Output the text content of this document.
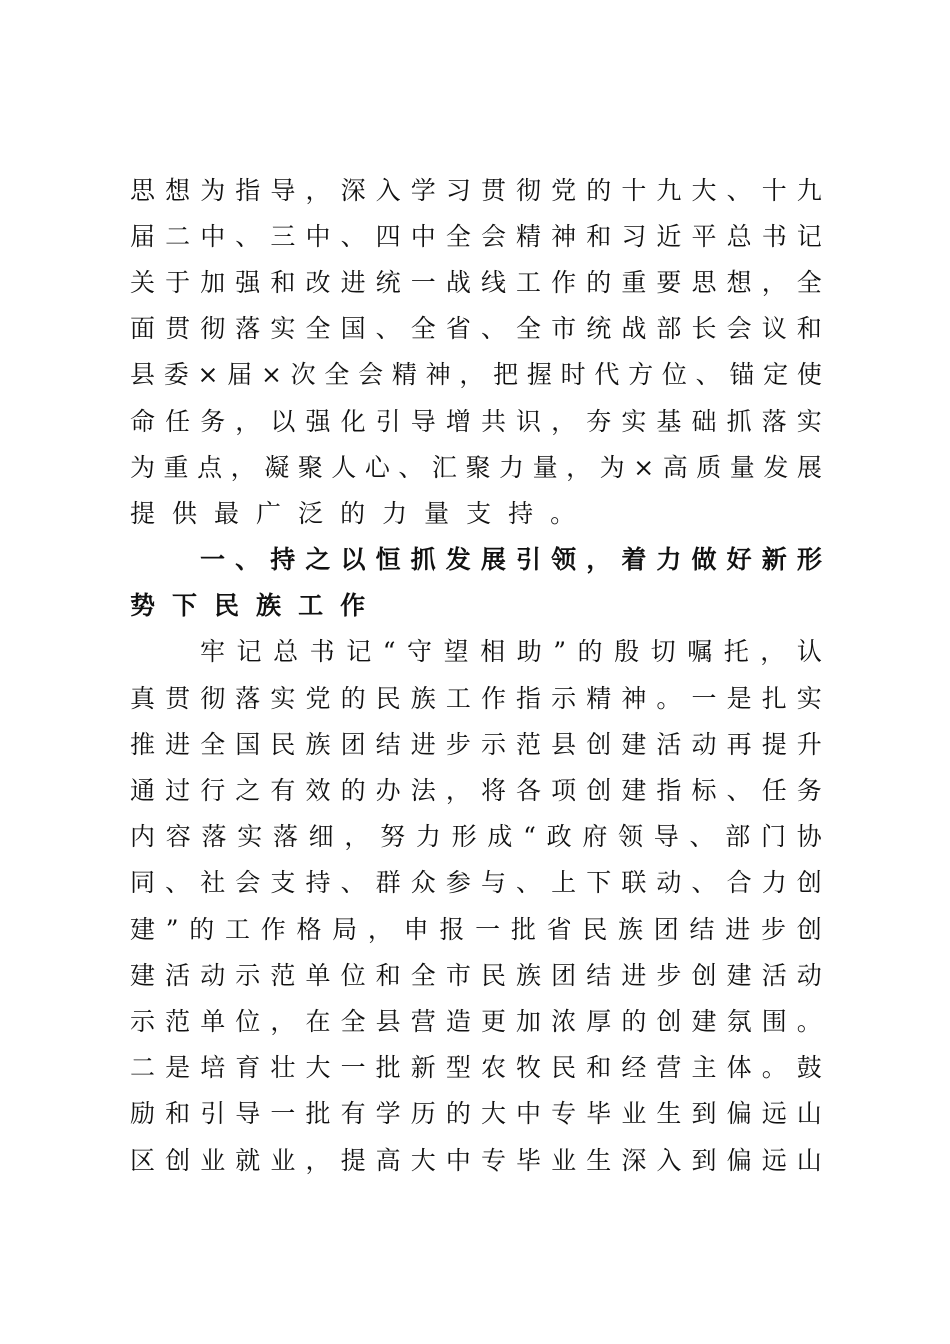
思 想 为 指 导 ， 深 入 学 习 贯 彻 党 的 十 九 大 、 十 九
届 二 中 、 三 中 、 四 中 全 会 精 神 和 习 近 平 总 书 记
关 于 加 强 和 改 进 统 一 战 线 工 作 的 重 要 思 想 ， 全
面 贯 彻 落 实 全 国 、 全 省 、 全 市 统 战 部 长 会 议 和
县 委 × 届 × 次 全 会 精 神 ， 把 握 时 代 方 位 、 锚 定 使
命 任 务 ， 以 强 化 引 导 增 共 识 ， 夯 实 基 础 抓 落 实
为 重 点 ， 凝 聚 人 心 、 汇 聚 力 量 ， 为 × 高 质 量 发 展
提 供 最 广 泛 的 力 量 支 持 。
一 、 持 之 以 恒 抓 发 展 引 领 ， 着 力 做 好 新 形
势 下 民 族 工 作
牢 记 总 书 记 “ 守 望 相 助 ” 的 殷 切 嘱 托 ， 认
真 贯 彻 落 实 党 的 民 族 工 作 指 示 精 神 。 一 是 扎 实
推 进 全 国 民 族 团 结 进 步 示 范 县 创 建 活 动 再 提 升
通 过 行 之 有 效 的 办 法 ， 将 各 项 创 建 指 标 、 任 务
内 容 落 实 落 细 ， 努 力 形 成 “ 政 府 领 导 、 部 门 协
同 、 社 会 支 持 、 群 众 参 与 、 上 下 联 动 、 合 力 创
建 ” 的 工 作 格 局 ， 申 报 一 批 省 民 族 团 结 进 步 创
建 活 动 示 范 单 位 和 全 市 民 族 团 结 进 步 创 建 活 动
示 范 单 位 ， 在 全 县 营 造 更 加 浓 厚 的 创 建 氛 围 。
二 是 培 育 壮 大 一 批 新 型 农 牧 民 和 经 营 主 体 。 鼓
励 和 引 导 一 批 有 学 历 的 大 中 专 毕 业 生 到 偏 远 山
区 创 业 就 业 ， 提 高 大 中 专 毕 业 生 深 入 到 偏 远 山
